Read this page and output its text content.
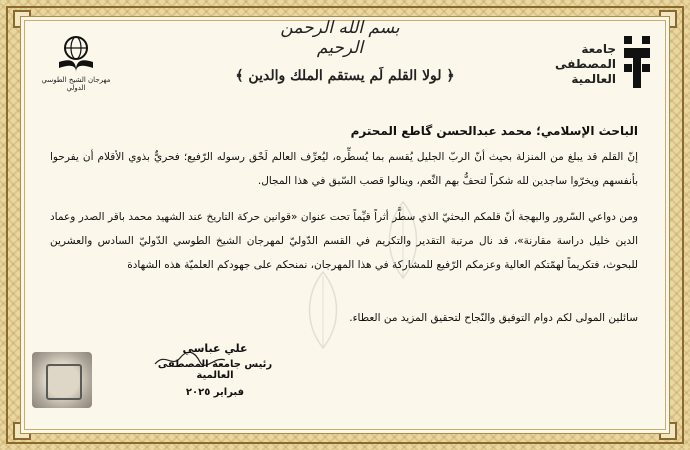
بسم الله الرحمن الرحيم
﴿ لولا القلم لَم يستقم الملك والدين ﴾
جامعة
المصطفى
العالمية
مهرجان الشيخ الطوسي الدولي
الباحث الإسلامي؛ محمد عبدالحسن گاطع المحترم
إنّ القلم قد يبلغ من المنزلة بحيث أنّ الربّ الجليل يُقسم بما يُسطِّره، ليُعرِّف العالم لَحْق رسوله الرّفيع؛ فحريٌّ بذوي الأقلام أن يفرحوا بأنفسهم ويخرّوا ساجدين لله شكراً لتحفُّ بهم النِّعم، وينالوا قصب السّبق في هذا المجال.
ومن دواعي السّرور والبهجة أنّ قلمكم البحثيّ الذي سطَّر أثراً قيِّماً تحت عنوان «قوانين حركة التاريخ عند الشهيد محمد باقر الصدر وعماد الدين خليل دراسة مقارنة»، قد نال مرتبة التقدير والتكريم في القسم الدّوليّ لمهرجان الشيخ الطوسي الدّوليّ السادس والعشرين للبحوث، فتكريماً لهمّتكم العالية وعزمكم الرّفيع للمشاركة في هذا المهرجان، نمنحكم على جهودكم العلميّة هذه الشهادة
سائلين المولى لكم دوام التوفيق والنّجاح لتحقيق المزيد من العطاء.
علي عباسي
رئيس جامعة المصطفى العالمية
فبراير ٢٠٢٥
